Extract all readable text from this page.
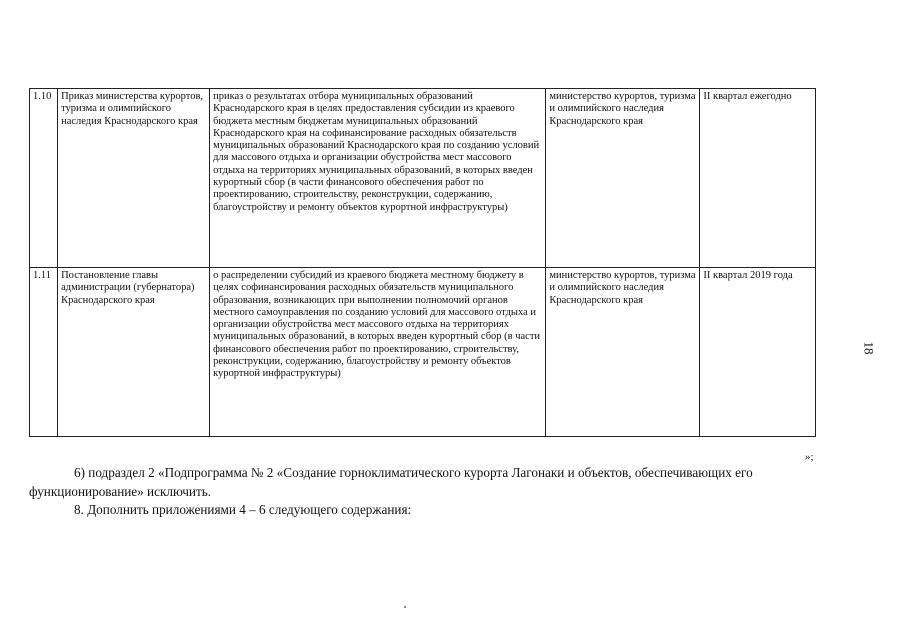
1.10	Приказ министерства курортов, туризма и олимпийского наследия Краснодарского края	приказ о результатах отбора муниципальных образований Краснодарского края в целях предоставления субсидии из краевого бюджета местным бюджетам муниципальных образований Краснодарского края на софинансирование расходных обязательств муниципальных образований Краснодарского края по созданию условий для массового отдыха и организации обустройства мест массового отдыха на территориях муниципальных образований, в которых введен курортный сбор (в части финансового обеспечения работ по проектированию, строительству, реконструкции, содержанию, благоустройству и ремонту объектов курортной инфраструктуры)	министерство курортов, туризма и олимпийского наследия Краснодарского края	II квартал ежегодно
1.11	Постановление главы администрации (губернатора) Краснодарского края	о распределении субсидий из краевого бюджета местному бюджету в целях софинансирования расходных обязательств муниципального образования, возникающих при выполнении полномочий органов местного самоуправления по созданию условий для массового отдыха и организации обустройства мест массового отдыха на территориях муниципальных образований, в которых введен курортный сбор (в части финансового обеспечения работ по проектированию, строительству, реконструкции, содержанию, благоустройству и ремонту объектов курортной инфраструктуры)	министерство курортов, туризма и олимпийского наследия Краснодарского края	II квартал 2019 года
»;

6) подраздел 2 «Подпрограмма № 2 «Создание горноклиматического курорта Лагонаки и объектов, обеспечивающих его функционирование» исключить.

8. Дополнить приложениями 4 – 6 следующего содержания:

18
